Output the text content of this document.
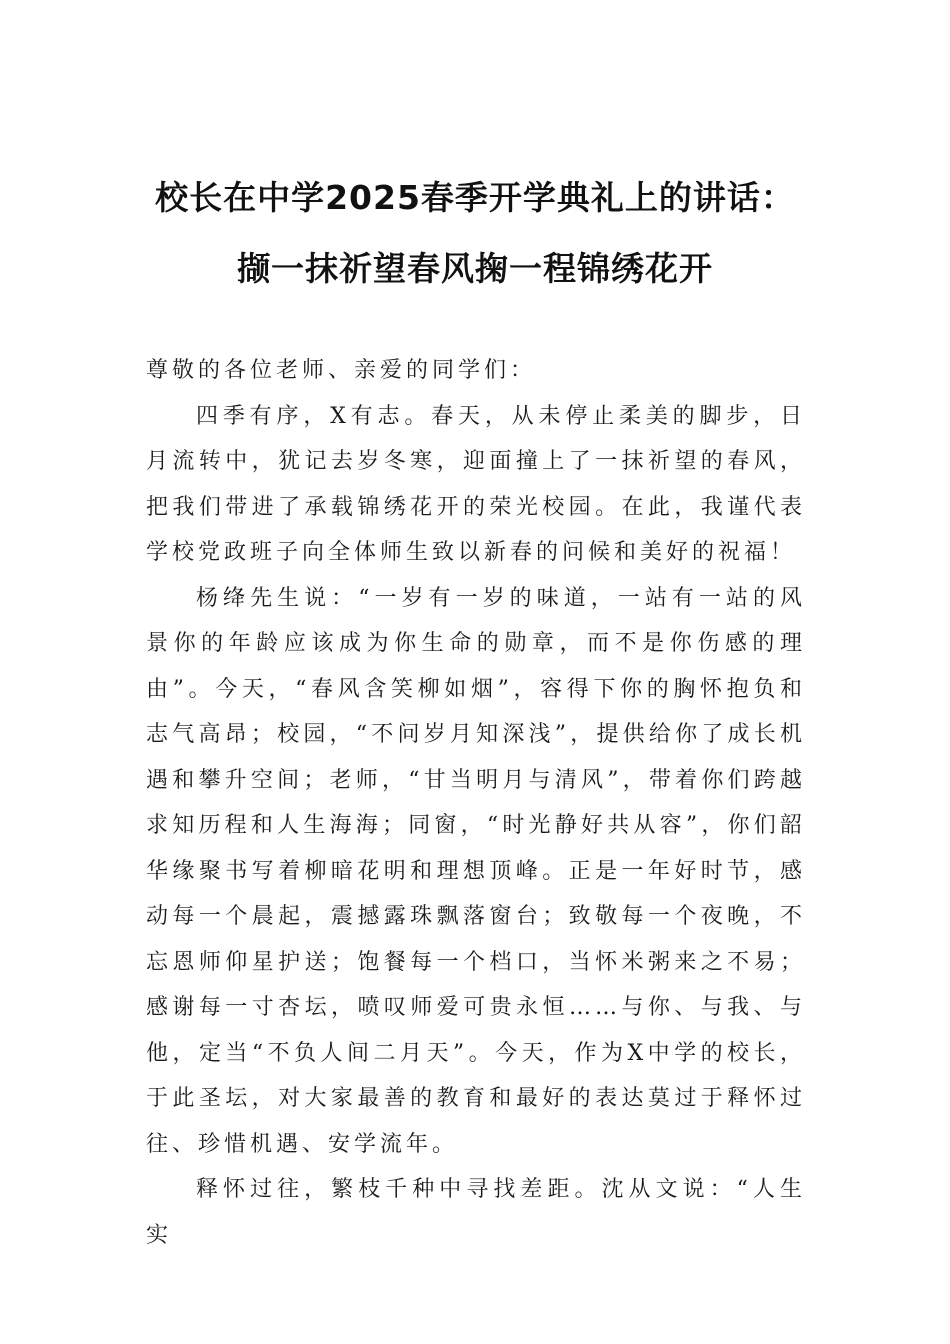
校长在中学2025春季开学典礼上的讲话：
撷一抹祈望春风掬一程锦绣花开

尊敬的各位老师、亲爱的同学们：

四季有序，X有志。春天，从未停止柔美的脚步，日月流转中，犹记去岁冬寒，迎面撞上了一抹祈望的春风，把我们带进了承载锦绣花开的荣光校园。在此，我谨代表学校党政班子向全体师生致以新春的问候和美好的祝福！

杨绛先生说：“一岁有一岁的味道，一站有一站的风景你的年龄应该成为你生命的勋章，而不是你伤感的理由”。今天，“春风含笑柳如烟”，容得下你的胸怀抱负和志气高昂；校园，“不问岁月知深浅”，提供给你了成长机遇和攀升空间；老师，“甘当明月与清风”，带着你们跨越求知历程和人生海海；同窗，“时光静好共从容”，你们韶华缘聚书写着柳暗花明和理想顶峰。正是一年好时节，感动每一个晨起，震撼露珠飘落窗台；致敬每一个夜晚，不忘恩师仰星护送；饱餐每一个档口，当怀米粥来之不易；感谢每一寸杏坛，喷叹师爱可贵永恒……与你、与我、与他，定当“不负人间二月天”。今天，作为X中学的校长，于此圣坛，对大家最善的教育和最好的表达莫过于释怀过往、珍惜机遇、安学流年。

释怀过往，繁枝千种中寻找差距。沈从文说：“人生实
